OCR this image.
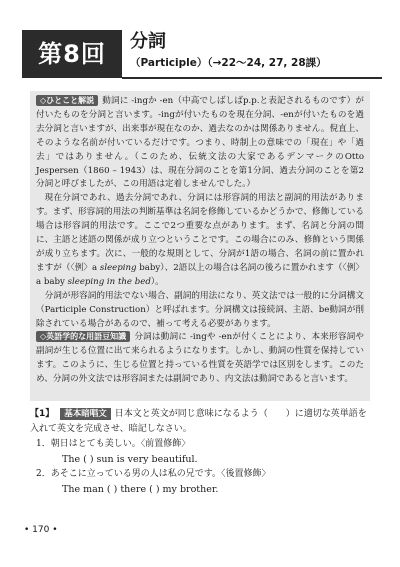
第8回	分詞
（Participle）（→22～24, 27, 28課）

◇ひとこと解説 動詞に -ingか -en（中高でしばしばp.p.と表記されるものです）が付いたものを分詞と言います。-ingが付いたものを現在分詞、-enが付いたものを過去分詞と言いますが、出来事が現在なのか、過去なのかは関係ありません。倪直上、そのような名前が付いているだけです。つまり、時制上の意味での「現在」や「過去」ではありません。（このため、伝統文法の大家であるデンマークのOtto Jespersen（1860 – 1943）は、現在分詞のことを第1分詞、過去分詞のことを第2分詞と呼びましたが、この用語は定着しませんでした。）

現在分詞であれ、過去分詞であれ、分詞には形容詞的用法と副詞的用法があります。まず、形容詞的用法の判断基準は名詞を修飾しているかどうかで、修飾している場合は形容詞的用法です。ここで2つ重要な点があります。まず、名詞と分詞の間に、主語と述語の関係が成り立つということです。この場合にのみ、修飾という関係が成り立ちます。次に、一般的な規則として、分詞が1語の場合、名詞の前に置かれますが（〈例〉a sleeping baby）、2語以上の場合は名詞の後ろに置かれます（〈例〉a baby sleeping in the bed）。

分詞が形容詞的用法でない場合、副詞的用法になり、英文法では一般的に分詞構文（Participle Construction）と呼ばれます。分詞構文は接続詞、主語、be動詞が削除されている場合があるので、補って考える必要があります。

◇英語学的な用語豆知識 分詞は動詞に -ingや -enが付くことにより、本来形容詞や副詞が生じる位置に出て来られるようになります。しかし、動詞の性質を保持しています。このように、生じる位置と持っている性質を英語学では区別をします。このため、分詞の外文法では形容詞または副詞であり、内文法は動詞であると言います。

【1】 基本暗唱文 日本文と英文が同じ意味になるよう（　　）に適切な英単語を入れて英文を完成させ、暗記しなさい。
1．朝日はとても美しい。〈前置修飾〉
The ( ) sun is very beautiful.
2．あそこに立っている男の人は私の兄です。〈後置修飾〉
The man ( ) there ( ) my brother.
• 170 •
